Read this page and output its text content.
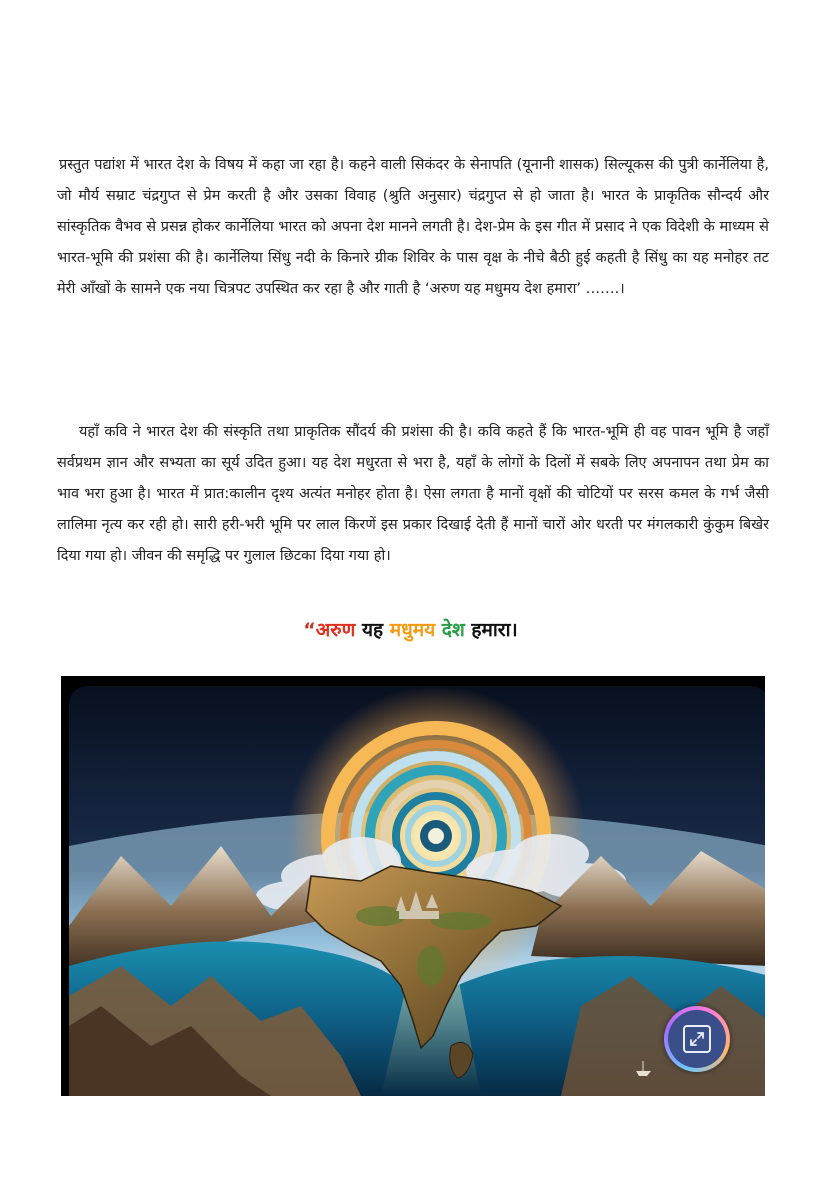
प्रस्तुत पद्यांश में भारत देश के विषय में कहा जा रहा है। कहने वाली सिकंदर के सेनापति (यूनानी शासक) सिल्यूकस की पुत्री कार्नेलिया है, जो मौर्य सम्राट चंद्रगुप्त से प्रेम करती है और उसका विवाह (श्रुति अनुसार) चंद्रगुप्त से हो जाता है। भारत के प्राकृतिक सौन्दर्य और सांस्कृतिक वैभव से प्रसन्न होकर कार्नेलिया भारत को अपना देश मानने लगती है। देश-प्रेम के इस गीत में प्रसाद ने एक विदेशी के माध्यम से भारत-भूमि की प्रशंसा की है। कार्नेलिया सिंधु नदी के किनारे ग्रीक शिविर के पास वृक्ष के नीचे बैठी हुई कहती है सिंधु का यह मनोहर तट मेरी आँखों के सामने एक नया चित्रपट उपस्थित कर रहा है और गाती है ‘अरुण यह मधुमय देश हमारा’ …….।

यहाँ कवि ने भारत देश की संस्कृति तथा प्राकृतिक सौंदर्य की प्रशंसा की है। कवि कहते हैं कि भारत-भूमि ही वह पावन भूमि है जहाँ सर्वप्रथम ज्ञान और सभ्यता का सूर्य उदित हुआ। यह देश मधुरता से भरा है, यहाँ के लोगों के दिलों में सबके लिए अपनापन तथा प्रेम का भाव भरा हुआ है। भारत में प्रात:कालीन दृश्य अत्यंत मनोहर होता है। ऐसा लगता है मानों वृक्षों की चोटियों पर सरस कमल के गर्भ जैसी लालिमा नृत्य कर रही हो। सारी हरी-भरी भूमि पर लाल किरणें इस प्रकार दिखाई देती हैं मानों चारों ओर धरती पर मंगलकारी कुंकुम बिखेर दिया गया हो। जीवन की समृद्धि पर गुलाल छिटका दिया गया हो।

“अरुण यह मधुमय देश हमारा।
